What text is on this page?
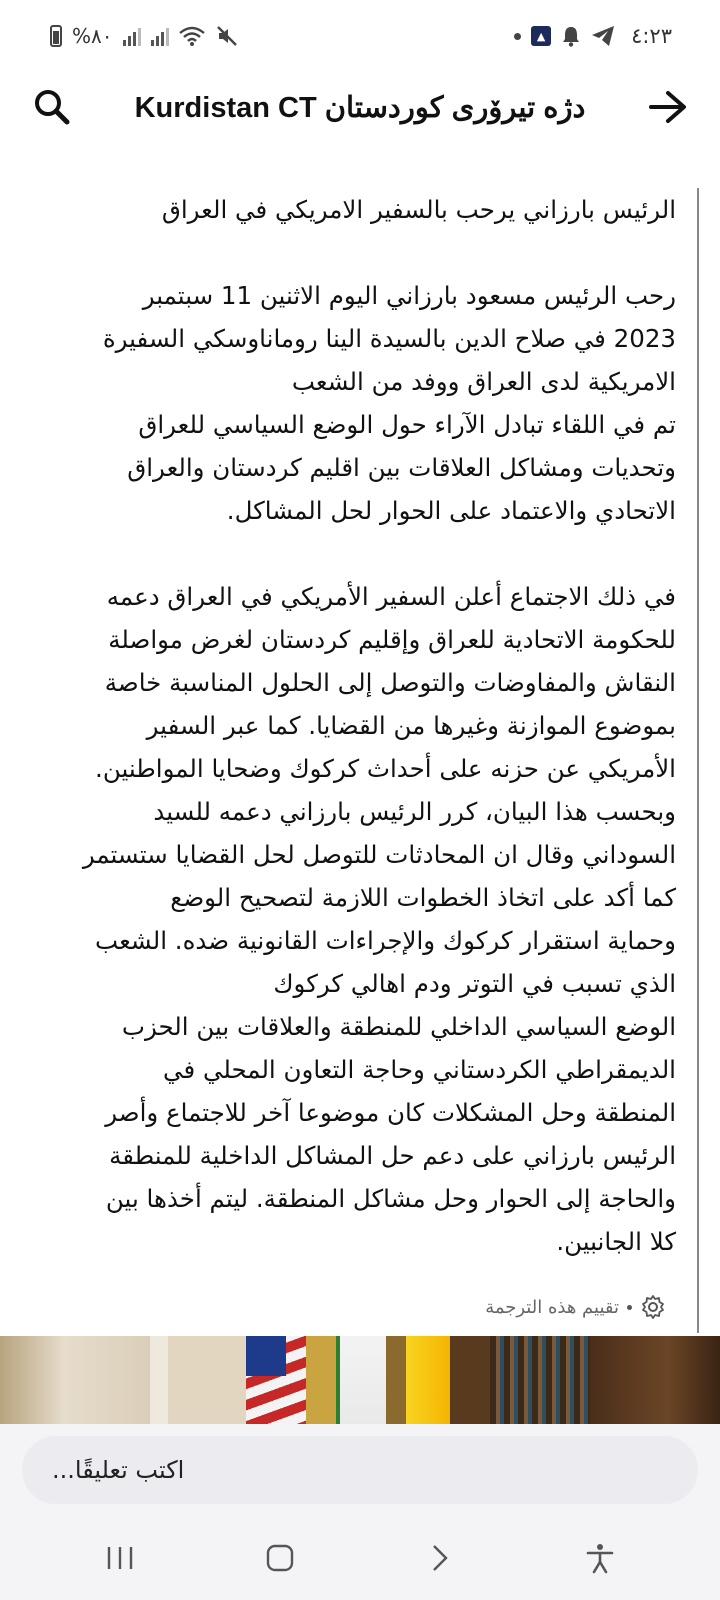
%٨٠	▲	٤:٢٣
دژه تیرۆری کوردستان Kurdistan CT

الرئيس بارزاني يرحب بالسفير الامريكي في العراق

رحب الرئيس مسعود بارزاني اليوم الاثنين 11 سبتمبر
2023 في صلاح الدين بالسيدة الينا روماناوسكي السفيرة
الامريكية لدى العراق ووفد من الشعب
تم في اللقاء تبادل الآراء حول الوضع السياسي للعراق
وتحديات ومشاكل العلاقات بين اقليم كردستان والعراق
الاتحادي والاعتماد على الحوار لحل المشاكل.

في ذلك الاجتماع أعلن السفير الأمريكي في العراق دعمه
للحكومة الاتحادية للعراق وإقليم كردستان لغرض مواصلة
النقاش والمفاوضات والتوصل إلى الحلول المناسبة خاصة
بموضوع الموازنة وغيرها من القضايا. كما عبر السفير
الأمريكي عن حزنه على أحداث كركوك وضحايا المواطنين.
وبحسب هذا البيان، كرر الرئيس بارزاني دعمه للسيد
السوداني وقال ان المحادثات للتوصل لحل القضايا ستستمر
كما أكد على اتخاذ الخطوات اللازمة لتصحيح الوضع
وحماية استقرار كركوك والإجراءات القانونية ضده. الشعب
الذي تسبب في التوتر ودم اهالي كركوك
الوضع السياسي الداخلي للمنطقة والعلاقات بين الحزب
الديمقراطي الكردستاني وحاجة التعاون المحلي في
المنطقة وحل المشكلات كان موضوعا آخر للاجتماع وأصر
الرئيس بارزاني على دعم حل المشاكل الداخلية للمنطقة
والحاجة إلى الحوار وحل مشاكل المنطقة. ليتم أخذها بين
كلا الجانبين.

تقييم هذه الترجمة
اكتب تعليقًا...
